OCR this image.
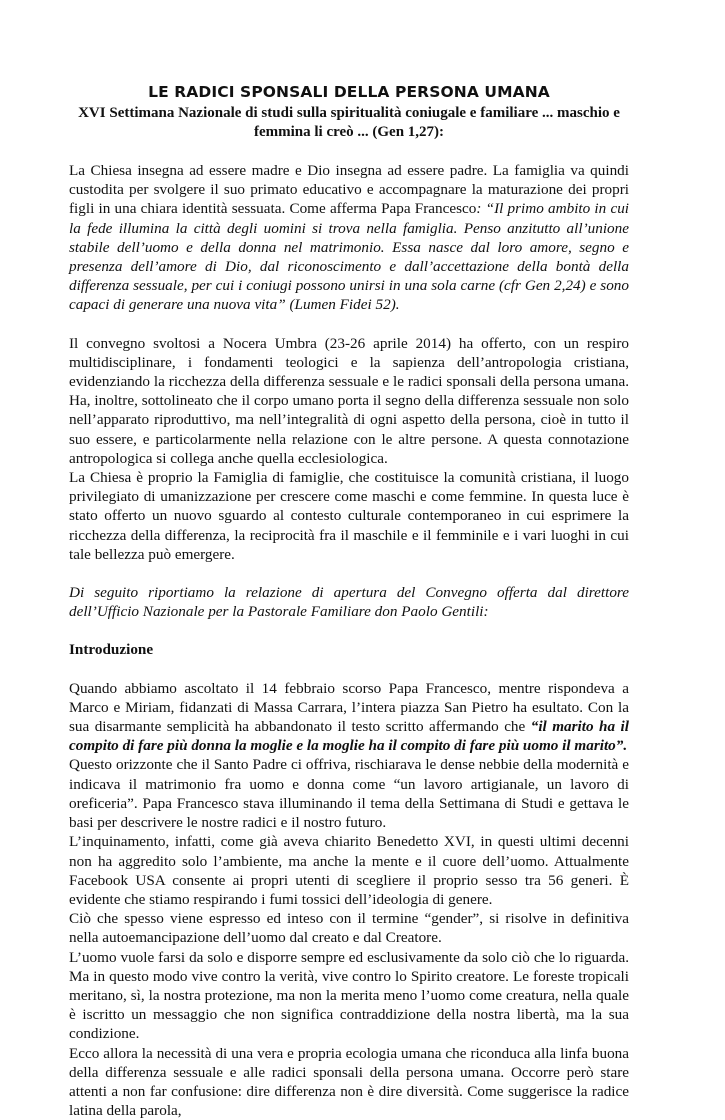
LE RADICI SPONSALI DELLA PERSONA UMANA

XVI Settimana Nazionale di studi sulla spiritualità coniugale e familiare ... maschio e femmina li creò ... (Gen 1,27):

La Chiesa insegna ad essere madre e Dio insegna ad essere padre. La famiglia va quindi custodita per svolgere il suo primato educativo e accompagnare la maturazione dei propri figli in una chiara identità sessuata. Come afferma Papa Francesco: “Il primo ambito in cui la fede illumina la città degli uomini si trova nella famiglia. Penso anzitutto all’unione stabile dell’uomo e della donna nel matrimonio. Essa nasce dal loro amore, segno e presenza dell’amore di Dio, dal riconoscimento e dall’accettazione della bontà della differenza sessuale, per cui i coniugi possono unirsi in una sola carne (cfr Gen 2,24) e sono capaci di generare una nuova vita” (Lumen Fidei 52).

Il convegno svoltosi a Nocera Umbra (23-26 aprile 2014) ha offerto, con un respiro multidisciplinare, i fondamenti teologici e la sapienza dell’antropologia cristiana, evidenziando la ricchezza della differenza sessuale e le radici sponsali della persona umana. Ha, inoltre, sottolineato che il corpo umano porta il segno della differenza sessuale non solo nell’apparato riproduttivo, ma nell’integralità di ogni aspetto della persona, cioè in tutto il suo essere, e particolarmente nella relazione con le altre persone. A questa connotazione antropologica si collega anche quella ecclesiologica.

La Chiesa è proprio la Famiglia di famiglie, che costituisce la comunità cristiana, il luogo privilegiato di umanizzazione per crescere come maschi e come femmine. In questa luce è stato offerto un nuovo sguardo al contesto culturale contemporaneo in cui esprimere la ricchezza della differenza, la reciprocità fra il maschile e il femminile e i vari luoghi in cui tale bellezza può emergere.

Di seguito riportiamo la relazione di apertura del Convegno offerta dal direttore dell’Ufficio Nazionale per la Pastorale Familiare don Paolo Gentili:

Introduzione

Quando abbiamo ascoltato il 14 febbraio scorso Papa Francesco, mentre rispondeva a Marco e Miriam, fidanzati di Massa Carrara, l’intera piazza San Pietro ha esultato. Con la sua disarmante semplicità ha abbandonato il testo scritto affermando che “il marito ha il compito di fare più donna la moglie e la moglie ha il compito di fare più uomo il marito”.

Questo orizzonte che il Santo Padre ci offriva, rischiarava le dense nebbie della modernità e indicava il matrimonio fra uomo e donna come “un lavoro artigianale, un lavoro di oreficeria”. Papa Francesco stava illuminando il tema della Settimana di Studi e gettava le basi per descrivere le nostre radici e il nostro futuro.

L’inquinamento, infatti, come già aveva chiarito Benedetto XVI, in questi ultimi decenni non ha aggredito solo l’ambiente, ma anche la mente e il cuore dell’uomo. Attualmente Facebook USA consente ai propri utenti di scegliere il proprio sesso tra 56 generi. È evidente che stiamo respirando i fumi tossici dell’ideologia di genere.

Ciò che spesso viene espresso ed inteso con il termine “gender”, si risolve in definitiva nella autoemancipazione dell’uomo dal creato e dal Creatore.

L’uomo vuole farsi da solo e disporre sempre ed esclusivamente da solo ciò che lo riguarda. Ma in questo modo vive contro la verità, vive contro lo Spirito creatore. Le foreste tropicali meritano, sì, la nostra protezione, ma non la merita meno l’uomo come creatura, nella quale è iscritto un messaggio che non significa contraddizione della nostra libertà, ma la sua condizione.

Ecco allora la necessità di una vera e propria ecologia umana che riconduca alla linfa buona della differenza sessuale e alle radici sponsali della persona umana. Occorre però stare attenti a non far confusione: dire differenza non è dire diversità. Come suggerisce la radice latina della parola,
